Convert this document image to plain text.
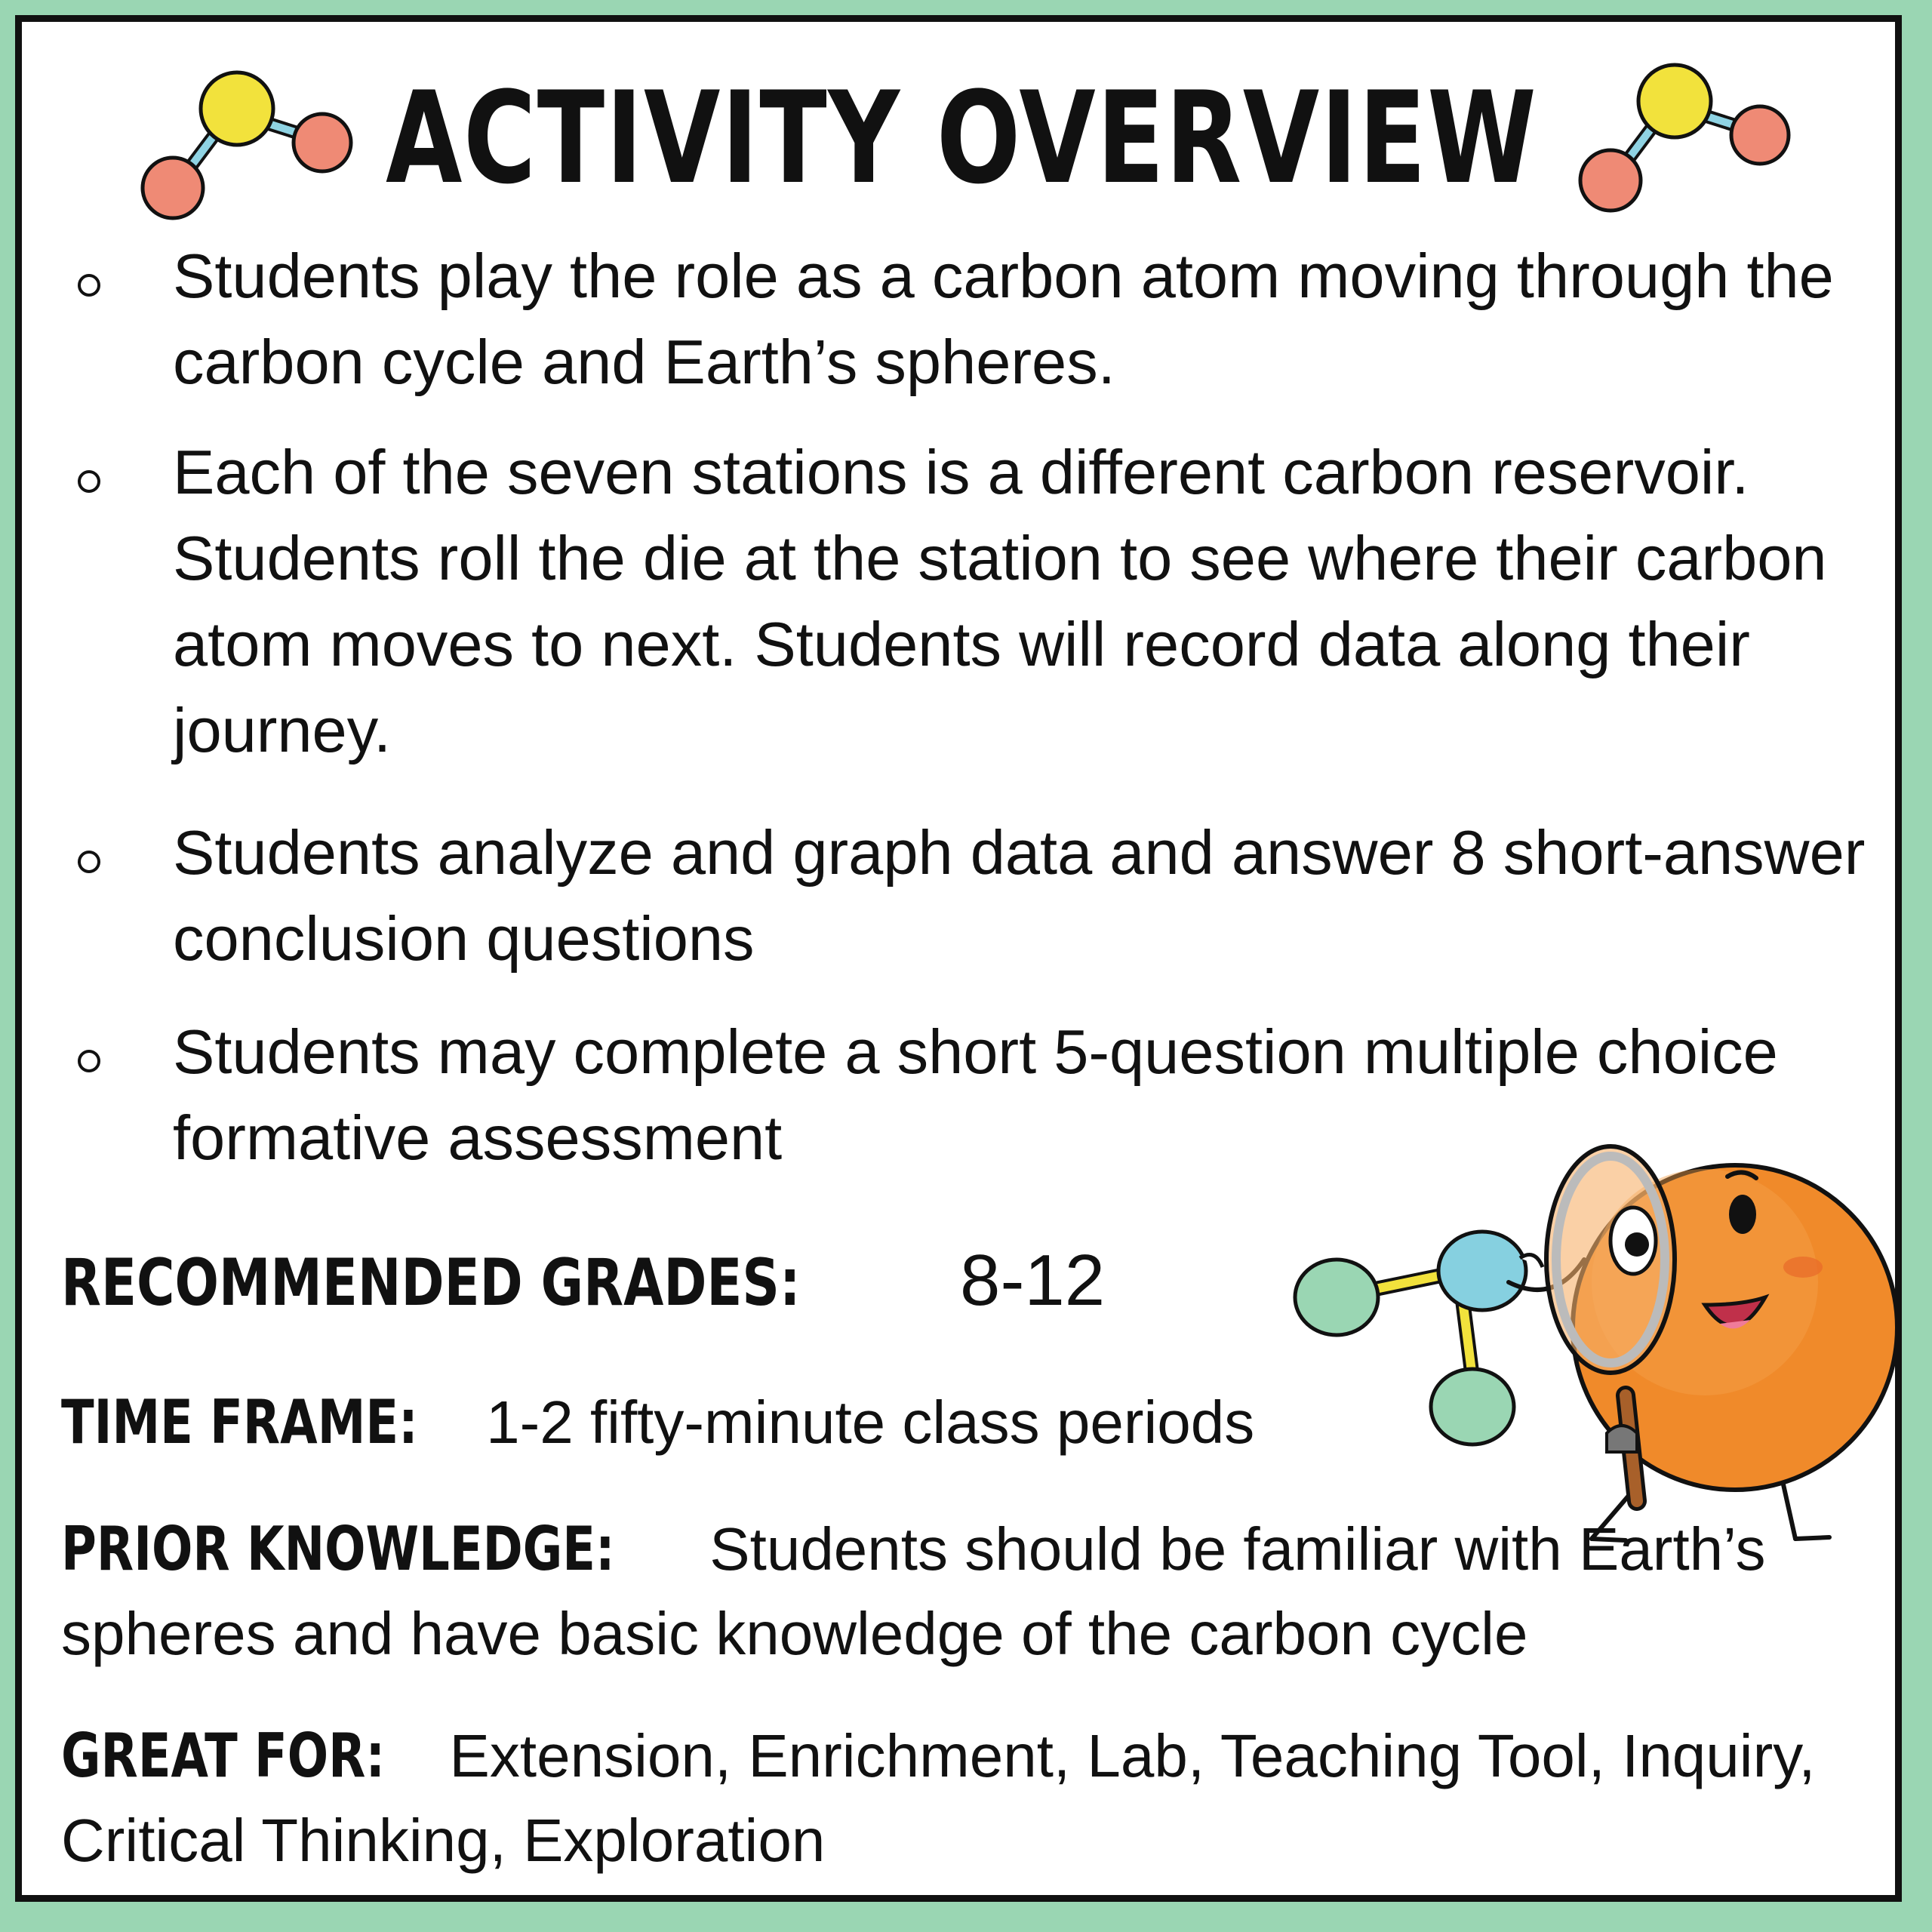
ACTIVITY OVERVIEW
Students play the role as a carbon atom moving through the carbon cycle and Earth’s spheres.
Each of the seven stations is a different carbon reservoir. Students roll the die at the station to see where their carbon atom moves to next. Students will record data along their journey.
Students analyze and graph data and answer 8 short-answer conclusion questions
Students may complete a short 5-question multiple choice formative assessment
RECOMMENDED GRADES: 8-12
TIME FRAME: 1-2 fifty-minute class periods
PRIOR KNOWLEDGE: Students should be familiar with Earth’s spheres and have basic knowledge of the carbon cycle
GREAT FOR: Extension, Enrichment, Lab, Teaching Tool, Inquiry, Critical Thinking, Exploration
